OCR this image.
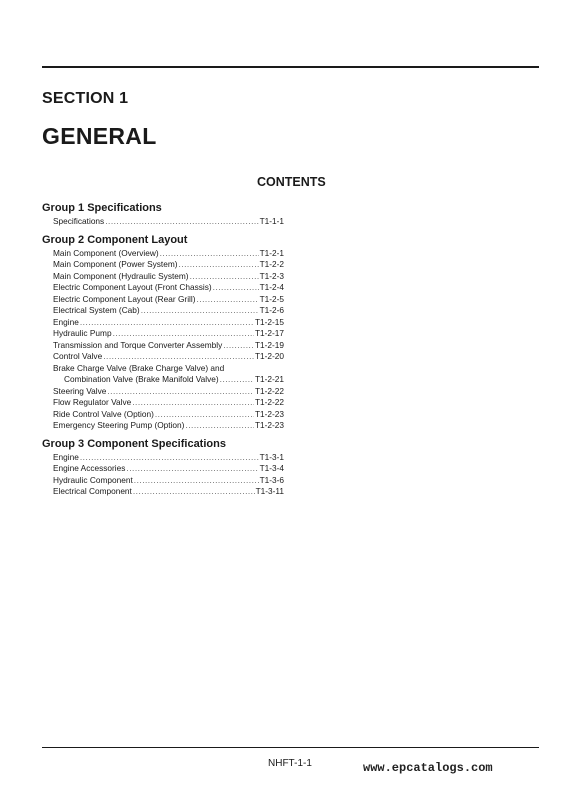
SECTION 1
GENERAL
CONTENTS
Group 1 Specifications
Specifications .....	T1-1-1
Group 2 Component Layout
Main Component (Overview) .....	T1-2-1
Main Component (Power System) .....	T1-2-2
Main Component (Hydraulic System) .....	T1-2-3
Electric Component Layout (Front Chassis) .....	T1-2-4
Electric Component Layout (Rear Grill) .....	T1-2-5
Electrical System (Cab) .....	T1-2-6
Engine .....	T1-2-15
Hydraulic Pump .....	T1-2-17
Transmission and Torque Converter Assembly .....	T1-2-19
Control Valve .....	T1-2-20
Brake Charge Valve (Brake Charge Valve) and
Combination Valve (Brake Manifold Valve) .....	T1-2-21
Steering Valve .....	T1-2-22
Flow Regulator Valve .....	T1-2-22
Ride Control Valve (Option) .....	T1-2-23
Emergency Steering Pump (Option) .....	T1-2-23
Group 3 Component Specifications
Engine .....	T1-3-1
Engine Accessories .....	T1-3-4
Hydraulic Component .....	T1-3-6
Electrical Component .....	T1-3-11
NHFT-1-1	www.epcatalogs.com
